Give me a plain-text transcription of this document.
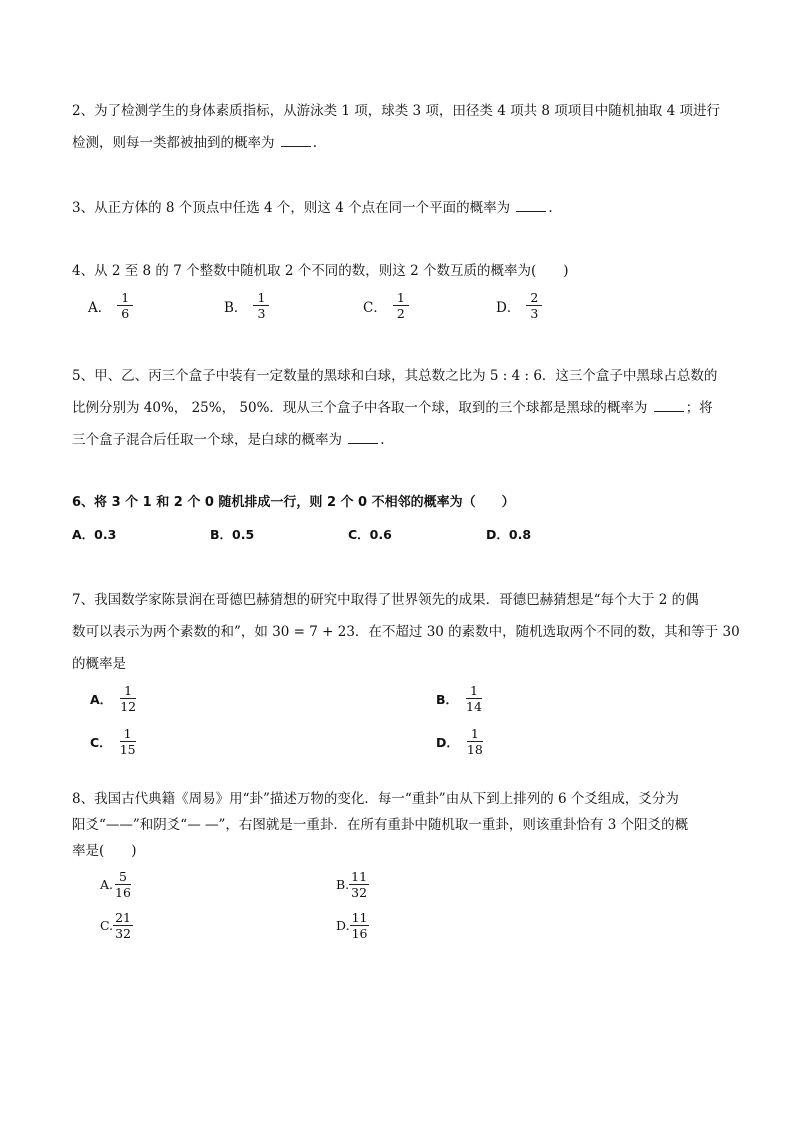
2、为了检测学生的身体素质指标，从游泳类 1 项，球类 3 项，田径类 4 项共 8 项项目中随机抽取 4 项进行
检测，则每一类都被抽到的概率为	.
3、从正方体的 8 个顶点中任选 4 个，则这 4 个点在同一个平面的概率为	.
4、从 2 至 8 的 7 个整数中随机取 2 个不同的数，则这 2 个数互质的概率为(　　)
A． $\frac{1}{6}$	B． $\frac{1}{3}$	C． $\frac{1}{2}$	D． $\frac{2}{3}$
5、甲、乙、丙三个盒子中装有一定数量的黑球和白球，其总数之比为 5 : 4 : 6．这三个盒子中黑球占总数的
比例分别为 40%， 25%， 50%．现从三个盒子中各取一个球，取到的三个球都是黑球的概率为	；将
三个盒子混合后任取一个球，是白球的概率为	.
6、将 3 个 1 和 2 个 0 随机排成一行，则 2 个 0 不相邻的概率为（　　）
A．0.3	B．0.5	C．0.6	D．0.8
7、我国数学家陈景润在哥德巴赫猜想的研究中取得了世界领先的成果．哥德巴赫猜想是“每个大于 2 的偶
数可以表示为两个素数的和”，如 30 = 7 + 23．在不超过 30 的素数中，随机选取两个不同的数，其和等于 30
的概率是
A． $\frac{1}{12}$	B． $\frac{1}{14}$
C． $\frac{1}{15}$	D． $\frac{1}{18}$
8、我国古代典籍《周易》用“卦”描述万物的变化．每一“重卦”由从下到上排列的 6 个爻组成，爻分为
阳爻“——”和阴爻“— —”，右图就是一重卦．在所有重卦中随机取一重卦，则该重卦恰有 3 个阳爻的概
率是(　　)
A. $\frac{5}{16}$	B. $\frac{11}{32}$
C. $\frac{21}{32}$	D. $\frac{11}{16}$
